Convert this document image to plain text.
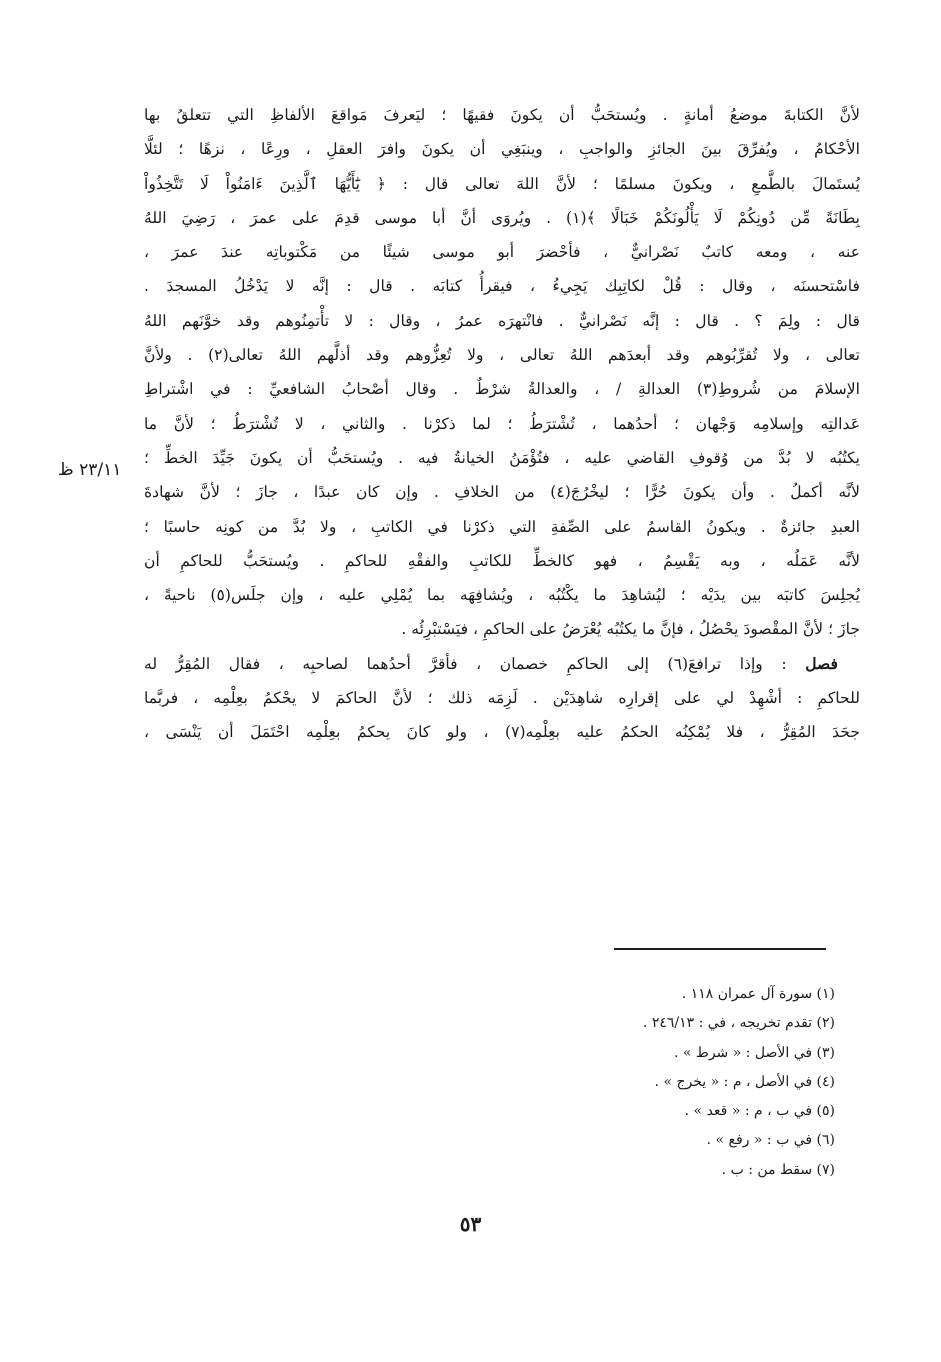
٢٣/١١ ظ
لأنَّ الكتابةَ موضعُ أمانةٍ . ويُستحَبُّ أن يكونَ فقيهًا ؛ ليَعرفَ مَواقعَ الألفاظِ التي تتعلقُ بها
الأحْكامُ ، ويُفرِّقَ بينَ الجائزِ والواجبِ ، وينبَغِي أن يكونَ وافرَ العقلِ ، ورِعًا ، نزهًا ؛ لئلَّا
يُستَمالَ بالطَّمعِ ، ويكونَ مسلمًا ؛ لأنَّ اللهَ تعالى قال : ﴿ يَٰٓأَيُّهَا ٱلَّذِينَ ءَامَنُواْ لَا تَتَّخِذُواْ
بِطَانَةً مِّن دُونِكُمْ لَا يَأْلُونَكُمْ خَبَالًا ﴾(١) . ويُروَى أنَّ أبا موسى قدِمَ على عمرَ ، رَضِيَ اللهُ
عنه ، ومعه كاتبٌ نَصْرانيٌّ ، فأحْضرَ أبو موسى شيئًا من مَكْتوباتِه عندَ عمرَ ،
فاسْتحسنَه ، وقال : قُلْ لكاتِبِك يَجِيءُ ، فيقرأُ كتابَه . قال : إنَّه لا يَدْخُلُ المسجدَ .
قال : ولِمَ ؟ . قال : إنَّه نَصْرانيٌّ . فانْتهرَه عمرُ ، وقال : لا تأْتمِنُوهم وقد خوَّنَهم اللهُ
تعالى ، ولا تُقرِّبُوهم وقد أبعدَهم اللهُ تعالى ، ولا تُعِزُّوهم وقد أذلَّهم اللهُ تعالى(٢) . ولأنَّ
الإسلامَ من شُروطِ(٣) العدالةِ / ، والعدالةُ شرْطٌ . وقال أصْحابُ الشافعيِّ : في اشْتراطِ
عَدالتِه وإسلامِه وَجْهان ؛ أحدُهما ، تُشْترَطُ ؛ لما ذكرْنا . والثاني ، لا تُشْترَطُ ؛ لأنَّ ما
يكتُبُه لا بُدَّ من وُقوفِ القاضي عليه ، فتُؤْمَنُ الخيانةُ فيه . ويُستحَبُّ أن يكونَ جَيِّدَ الخطِّ ؛
لأنَّه أكملُ . وأن يكونَ حُرًّا ؛ ليخْرُجَ(٤) من الخلافِ . وإن كان عبدًا ، جازَ ؛ لأنَّ شهادةَ
العبدِ جائزةٌ . ويكونُ القاسمُ على الصِّفةِ التي ذكرْنا في الكاتبِ ، ولا بُدَّ من كونِه حاسبًا ؛
لأنَّه عَمَلُه ، وبه يَقْسِمُ ، فهو كالخطِّ للكاتبِ والفقْهِ للحاكمِ . ويُستحَبُّ للحاكمِ أن
يُجلِسَ كاتبَه بين يدَيْه ؛ ليُشاهِدَ ما يكْتُبُه ، ويُشافِهَه بما يُمْلِي عليه ، وإن جلَس(٥) ناحيةً ،
جازَ ؛ لأنَّ المقْصودَ يحْصُلُ ، فإنَّ ما يكتُبُه يُعْرَضُ على الحاكمِ ، فيَسْتبْرِئُه .
فصل : وإذا ترافعَ(٦) إلى الحاكمِ خصمان ، فأقرَّ أحدُهما لصاحبِه ، فقال المُقِرُّ له
للحاكمِ : أشْهِدْ لي على إقرارِه شاهِدَيْن . لَزِمَه ذلك ؛ لأنَّ الحاكمَ لا يحْكمُ بعِلْمِه ، فربَّما
جحَدَ المُقِرُّ ، فلا يُمْكِنُه الحكمُ عليه بعِلْمِه(٧) ، ولو كانَ يحكمُ بعِلْمِه احْتَمَلَ أن يَنْسَى ،
(١) سورة آل عمران ١١٨ .
(٢) تقدم تخريجه ، في : ٢٤٦/١٣ .
(٣) في الأصل : « شرط » .
(٤) في الأصل ، م : « يخرج » .
(٥) في ب ، م : « قعد » .
(٦) في ب : « رفع » .
(٧) سقط من : ب .
٥٣
